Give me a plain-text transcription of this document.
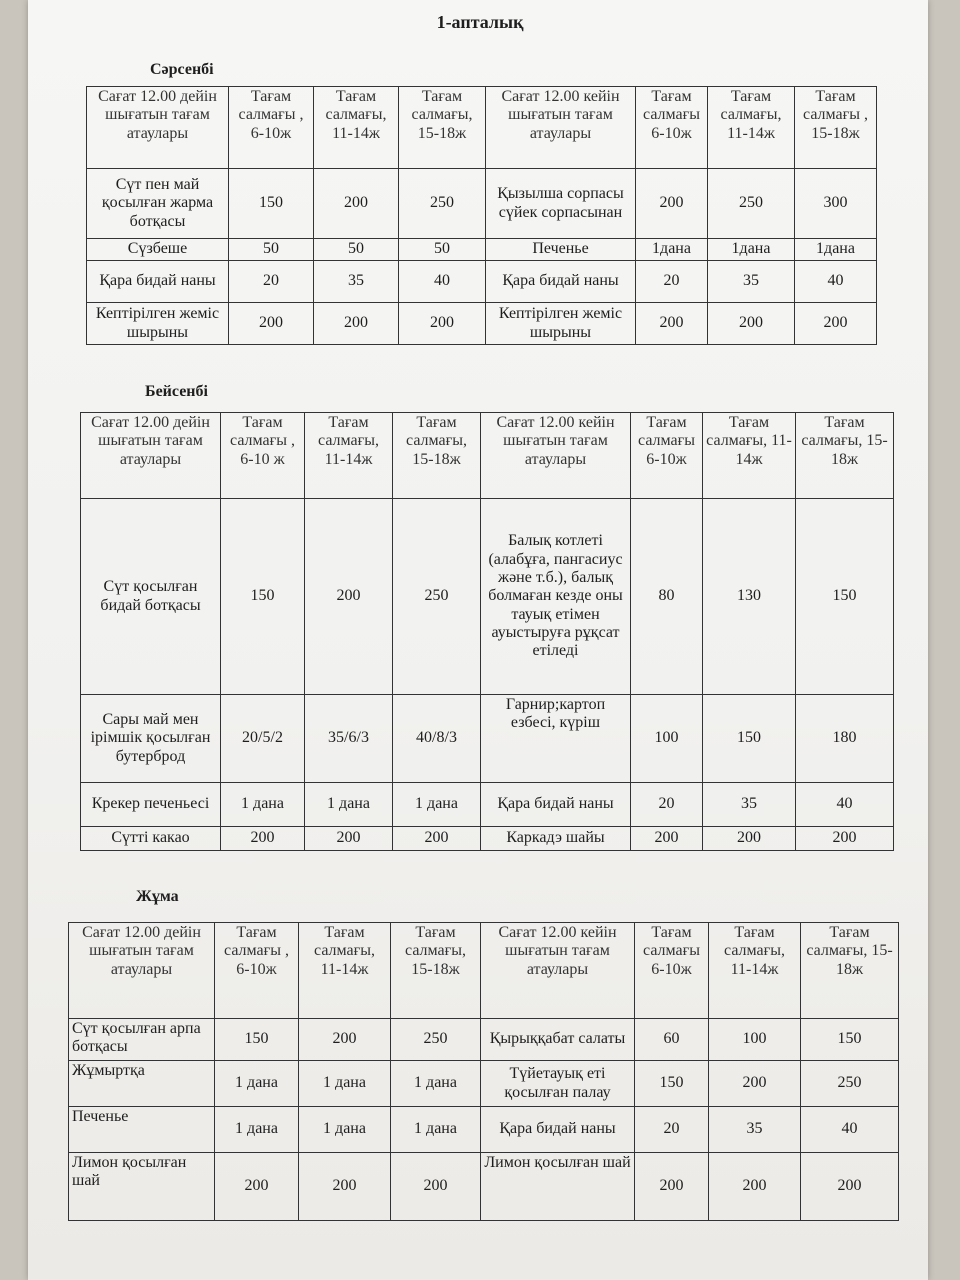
1-апталық
Сәрсенбі
Сағат 12.00 дейін шығатын тағам атаулары	Тағам салмағы , 6-10ж	Тағам салмағы, 11-14ж	Тағам салмағы, 15-18ж	Сағат 12.00 кейін шығатын тағам атаулары	Тағам салмағы 6-10ж	Тағам салмағы, 11-14ж	Тағам салмағы , 15-18ж
Сүт пен май қосылған жарма ботқасы	150	200	250	Қызылша сорпасы сүйек сорпасынан	200	250	300
Сүзбеше	50	50	50	Печенье	1дана	1дана	1дана
Қара бидай наны	20	35	40	Қара бидай наны	20	35	40
Кептірілген жеміс шырыны	200	200	200	Кептірілген жеміс шырыны	200	200	200
Бейсенбі
Сағат 12.00 дейін шығатын тағам атаулары	Тағам салмағы , 6-10 ж	Тағам салмағы, 11-14ж	Тағам салмағы, 15-18ж	Сағат 12.00 кейін шығатын тағам атаулары	Тағам салмағы 6-10ж	Тағам салмағы, 11-14ж	Тағам салмағы, 15-18ж
Сүт қосылған бидай ботқасы	150	200	250	Балық котлеті (алабұға, пангасиус және т.б.), балық болмаған кезде оны тауық етімен ауыстыруға рұқсат етіледі	80	130	150
Сары май мен ірімшік қосылған бутерброд	20/5/2	35/6/3	40/8/3	Гарнир;картоп езбесі, күріш	100	150	180
Крекер печеньесі	1 дана	1 дана	1 дана	Қара бидай наны	20	35	40
Сүтті какао	200	200	200	Каркадэ шайы	200	200	200
Жұма
Сағат 12.00 дейін шығатын тағам атаулары	Тағам салмағы , 6-10ж	Тағам салмағы, 11-14ж	Тағам салмағы, 15-18ж	Сағат 12.00 кейін шығатын тағам атаулары	Тағам салмағы 6-10ж	Тағам салмағы, 11-14ж	Тағам салмағы, 15-18ж
Сүт қосылған арпа ботқасы	150	200	250	Қырыққабат салаты	60	100	150
Жұмыртқа	1 дана	1 дана	1 дана	Түйетауық еті қосылған палау	150	200	250
Печенье	1 дана	1 дана	1 дана	Қара бидай наны	20	35	40
Лимон қосылған шай	200	200	200	Лимон қосылған шай	200	200	200
